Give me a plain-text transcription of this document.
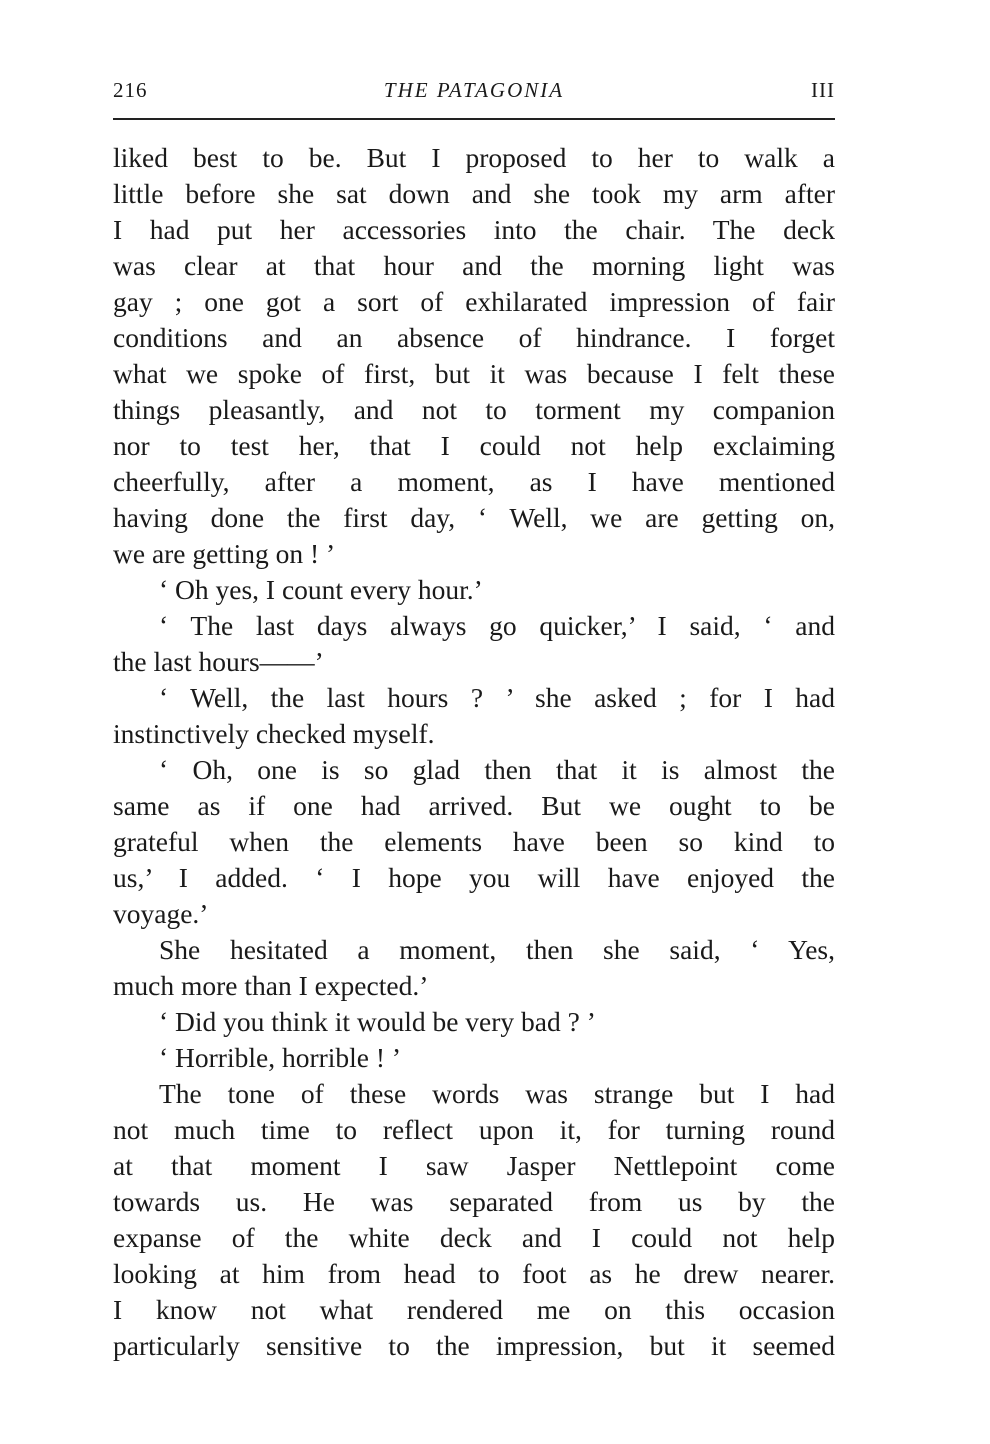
216	THE PATAGONIA	III
liked best to be. But I proposed to her to walk a
little before she sat down and she took my arm after
I had put her accessories into the chair. The deck
was clear at that hour and the morning light was
gay ; one got a sort of exhilarated impression of fair
conditions and an absence of hindrance. I forget
what we spoke of first, but it was because I felt these
things pleasantly, and not to torment my companion
nor to test her, that I could not help exclaiming
cheerfully, after a moment, as I have mentioned
having done the first day, ‘ Well, we are getting on,
we are getting on ! ’
‘ Oh yes, I count every hour.’
‘ The last days always go quicker,’ I said, ‘ and
the last hours——’
‘ Well, the last hours ? ’ she asked ; for I had
instinctively checked myself.
‘ Oh, one is so glad then that it is almost the
same as if one had arrived. But we ought to be
grateful when the elements have been so kind to
us,’ I added. ‘ I hope you will have enjoyed the
voyage.’
She hesitated a moment, then she said, ‘ Yes,
much more than I expected.’
‘ Did you think it would be very bad ? ’
‘ Horrible, horrible ! ’
The tone of these words was strange but I had
not much time to reflect upon it, for turning round
at that moment I saw Jasper Nettlepoint come
towards us. He was separated from us by the
expanse of the white deck and I could not help
looking at him from head to foot as he drew nearer.
I know not what rendered me on this occasion
particularly sensitive to the impression, but it seemed
